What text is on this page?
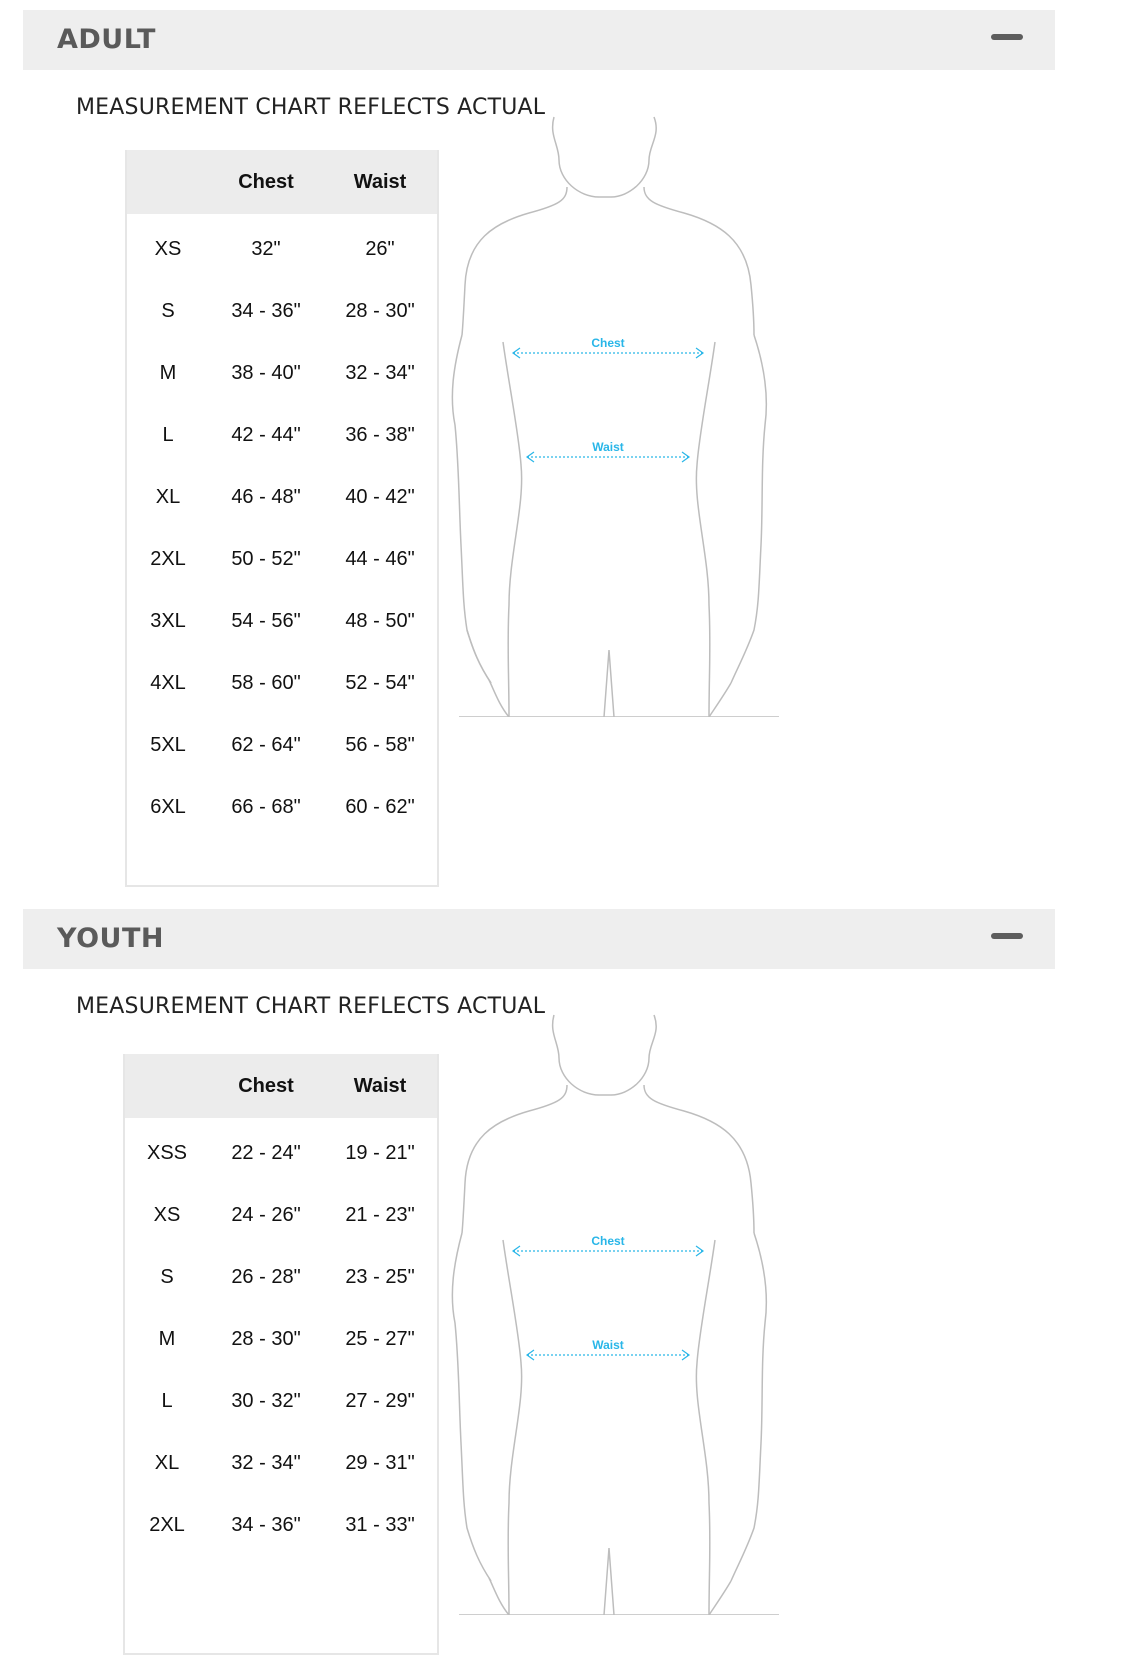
ADULT
MEASUREMENT CHART REFLECTS ACTUAL
Chest	Waist
XS	32"	26"
S	34 - 36"	28 - 30"
M	38 - 40"	32 - 34"
L	42 - 44"	36 - 38"
XL	46 - 48"	40 - 42"
2XL	50 - 52"	44 - 46"
3XL	54 - 56"	48 - 50"
4XL	58 - 60"	52 - 54"
5XL	62 - 64"	56 - 58"
6XL	66 - 68"	60 - 62"
Chest
Waist
YOUTH
MEASUREMENT CHART REFLECTS ACTUAL
Chest	Waist
XSS	22 - 24"	19 - 21"
XS	24 - 26"	21 - 23"
S	26 - 28"	23 - 25"
M	28 - 30"	25 - 27"
L	30 - 32"	27 - 29"
XL	32 - 34"	29 - 31"
2XL	34 - 36"	31 - 33"
Chest
Waist
